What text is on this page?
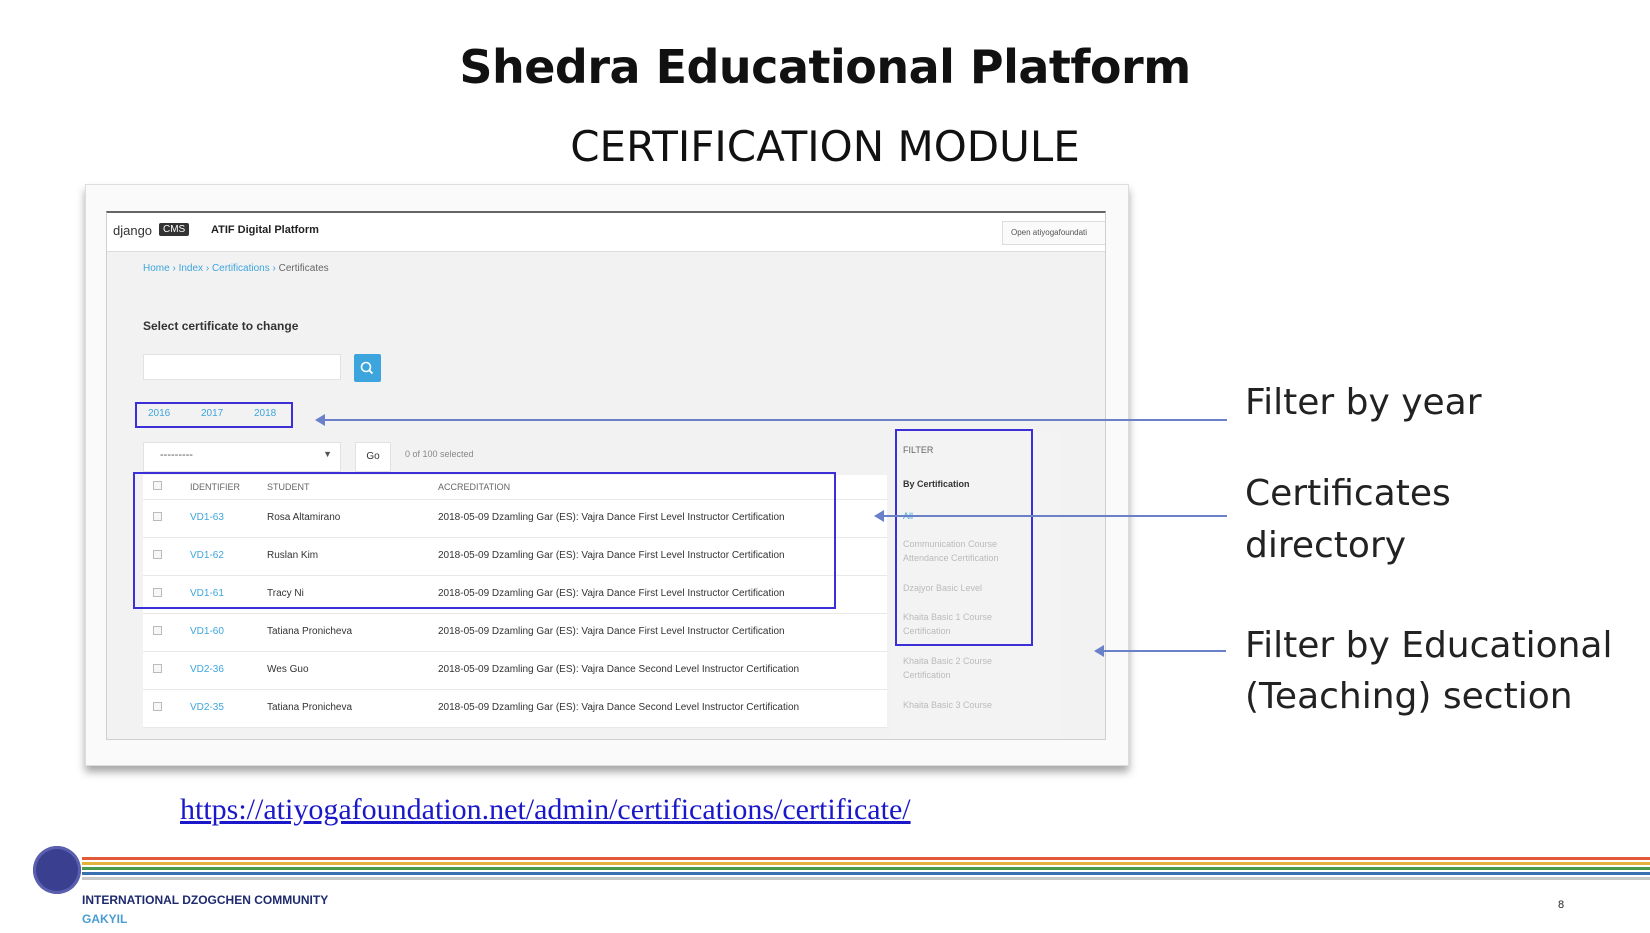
Shedra Educational Platform
CERTIFICATION MODULE
django	CMS	ATIF Digital Platform	Open atiyogafoundati
Home › Index › Certifications › Certificates
Select certificate to change
2016	2017	2018
---------	▼	Go	0 of 100 selected
IDENTIFIER	STUDENT	ACCREDITATION
VD1-63	Rosa Altamirano	2018-05-09 Dzamling Gar (ES): Vajra Dance First Level Instructor Certification
VD1-62	Ruslan Kim	2018-05-09 Dzamling Gar (ES): Vajra Dance First Level Instructor Certification
VD1-61	Tracy Ni	2018-05-09 Dzamling Gar (ES): Vajra Dance First Level Instructor Certification
VD1-60	Tatiana Pronicheva	2018-05-09 Dzamling Gar (ES): Vajra Dance First Level Instructor Certification
VD2-36	Wes Guo	2018-05-09 Dzamling Gar (ES): Vajra Dance Second Level Instructor Certification
VD2-35	Tatiana Pronicheva	2018-05-09 Dzamling Gar (ES): Vajra Dance Second Level Instructor Certification
FILTER
By Certification
Communication Course Attendance Certification
Dzajyor Basic Level
Khaita Basic 1 Course Certification
Khaita Basic 2 Course Certification
Khaita Basic 3 Course
Filter by year
Certificates
directory
Filter by Educational
(Teaching) section
https://atiyogafoundation.net/admin/certifications/certificate/
INTERNATIONAL DZOGCHEN COMMUNITY
GAKYIL
8
